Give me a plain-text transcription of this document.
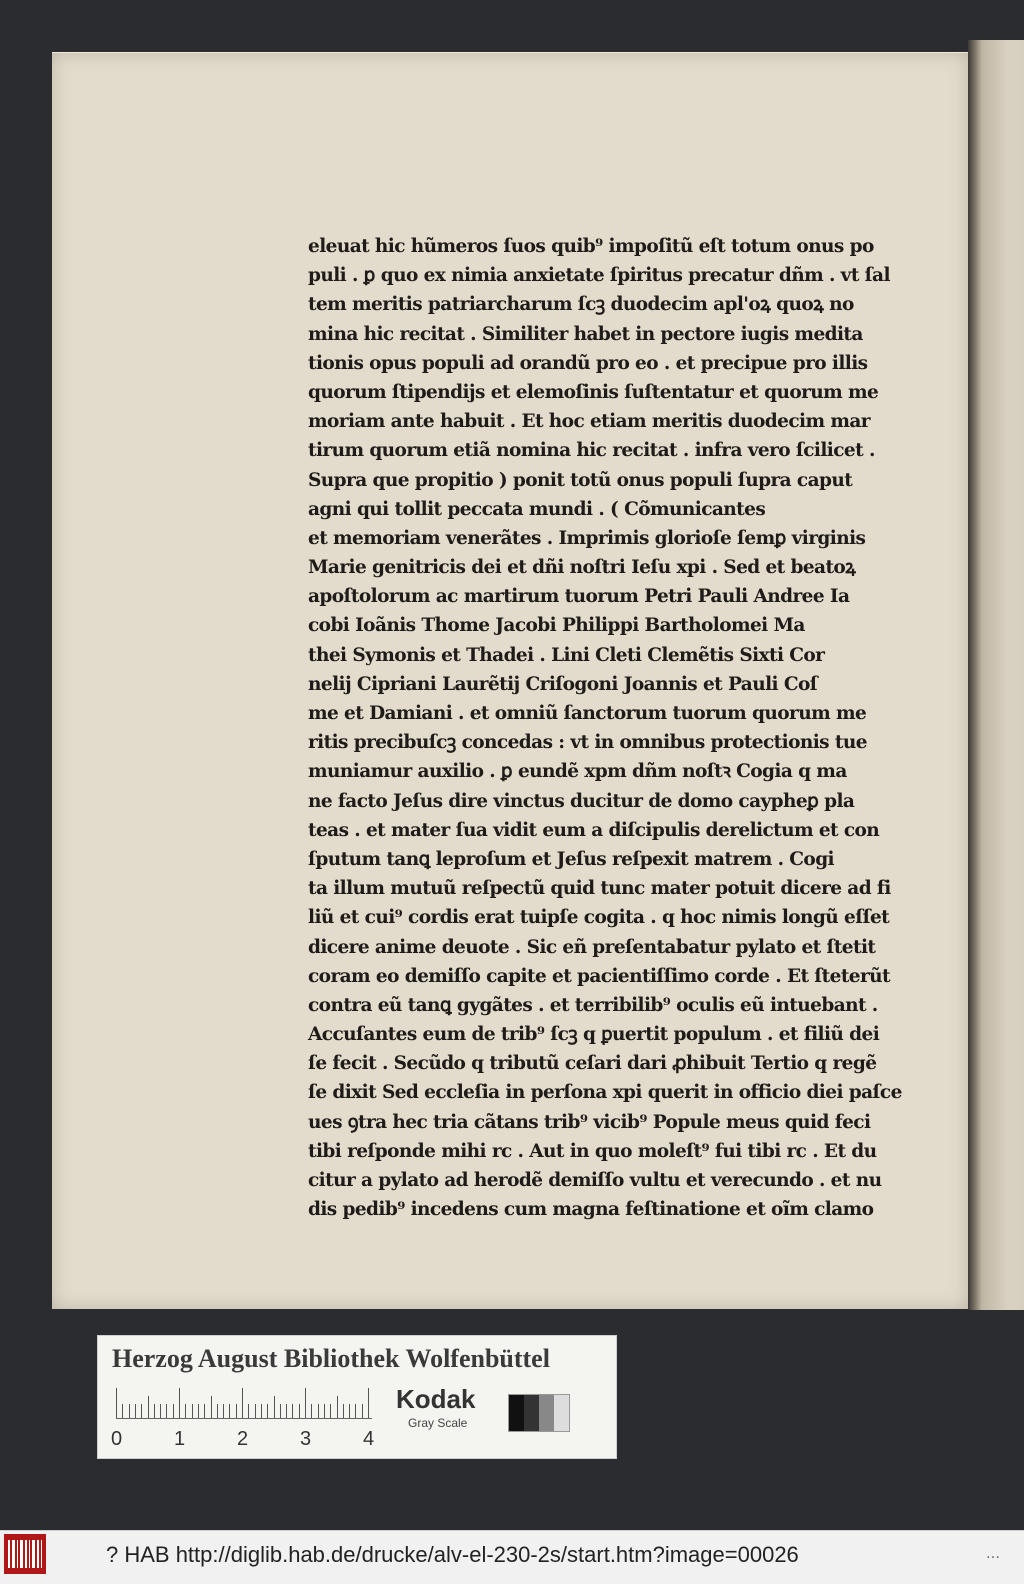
eleuat hic hũmeros ſuos quib⁹ impoſitũ eſt totum onus po
puli . ꝑ quo ex nimia anxietate ſpiritus precatur dñm . vt ſal
tem meritis patriarcharum ſcꝫ duodecim apl'oꝝ quoꝝ no
mina hic recitat . Similiter habet in pectore iugis medita
tionis opus populi ad orandũ pro eo . et precipue pro illis
quorum ſtipendijs et elemoſinis ſuſtentatur et quorum me
moriam ante habuit . Et hoc etiam meritis duodecim mar
tirum quorum etiã nomina hic recitat . infra vero ſcilicet .
Supra que propitio ) ponit totũ onus populi ſupra caput
agni qui tollit peccata mundi . ( Cõmunicantes
et memoriam venerãtes . Imprimis glorioſe ſemꝑ virginis
Marie genitricis dei et dñi noſtri Ieſu xpi . Sed et beatoꝝ
apoſtolorum ac martirum tuorum Petri Pauli Andree Ia
cobi Ioãnis Thome Jacobi Philippi Bartholomei Ma
thei Symonis et Thadei . Lini Cleti Clemẽtis Sixti Cor
nelij Cipriani Laurẽtij Criſogoni Joannis et Pauli Coſ
me et Damiani . et omniũ ſanctorum tuorum quorum me
ritis precibuſcꝫ concedas : vt in omnibus protectionis tue
muniamur auxilio . ꝑ eundẽ xpm dñm noſtꝛ Cogia q ma
ne facto Jeſus dire vinctus ducitur de domo caypheꝑ pla
teas . et mater ſua vidit eum a diſcipulis derelictum et con
ſputum tanꝗ leproſum et Jeſus reſpexit matrem . Cogi
ta illum mutuũ reſpectũ quid tunc mater potuit dicere ad fi
liũ et cui⁹ cordis erat tuipſe cogita . q hoc nimis longũ eſſet
dicere anime deuote . Sic eñ preſentabatur pylato et ſtetit
coram eo demiſſo capite et pacientiſſimo corde . Et ſteterũt
contra eũ tanꝗ gygãtes . et terribilib⁹ oculis eũ intuebant .
Accuſantes eum de trib⁹ ſcꝫ q ꝑuertit populum . et filiũ dei
ſe fecit . Secũdo q tributũ ceſari dari ꝓhibuit Tertio q regẽ
ſe dixit Sed eccleſia in perſona xpi querit in officio diei paſce
ues ꝯtra hec tria cãtans trib⁹ vicib⁹ Popule meus quid feci
tibi reſponde mihi rc . Aut in quo moleſt⁹ fui tibi rc . Et du
citur a pylato ad herodẽ demiſſo vultu et verecundo . et nu
dis pedib⁹ incedens cum magna feſtinatione et oĩm clamo
Herzog August Bibliothek Wolfenbüttel
0	1	2	3	4
Kodak
Gray Scale
? HAB http://diglib.hab.de/drucke/alv-el-230-2s/start.htm?image=00026	…
